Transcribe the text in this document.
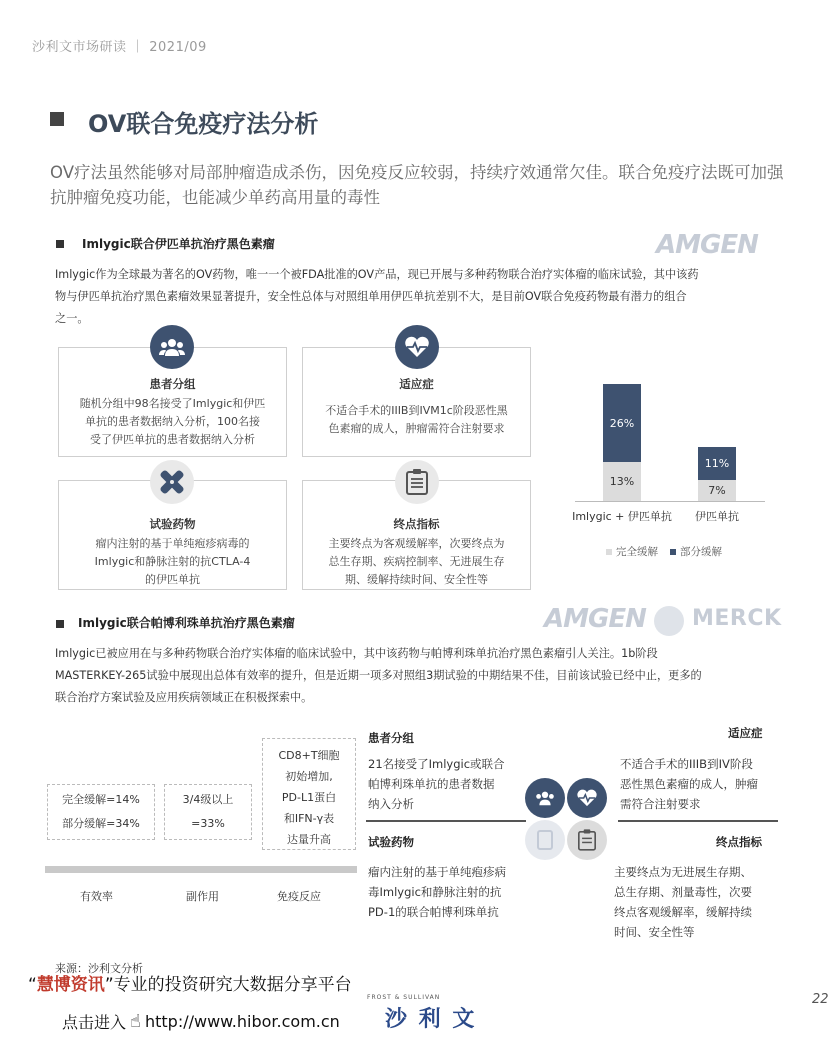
沙利文市场研读 ｜ 2021/09
OV联合免疫疗法分析
OV疗法虽然能够对局部肿瘤造成杀伤，因免疫反应较弱，持续疗效通常欠佳。联合免疫疗法既可加强抗肿瘤免疫功能，也能减少单药高用量的毒性
Imlygic联合伊匹单抗治疗黑色素瘤	AMGEN
Imlygic作为全球最为著名的OV药物，唯一一个被FDA批准的OV产品，现已开展与多种药物联合治疗实体瘤的临床试验，其中该药
物与伊匹单抗治疗黑色素瘤效果显著提升，安全性总体与对照组单用伊匹单抗差别不大，是目前OV联合免疫药物最有潜力的组合
之一。
患者分组
随机分组中98名接受了Imlygic和伊匹
单抗的患者数据纳入分析，100名接
受了伊匹单抗的患者数据纳入分析
适应症
不适合手术的IIIB到IVM1c阶段恶性黑
色素瘤的成人，肿瘤需符合注射要求
试验药物
瘤内注射的基于单纯疱疹病毒的
Imlygic和静脉注射的抗CTLA-4
的伊匹单抗
终点指标
主要终点为客观缓解率，次要终点为
总生存期、疾病控制率、无进展生存
期、缓解持续时间、安全性等
13%
26%
Imlygic + 伊匹单抗
7%
11%
伊匹单抗
完全缓解 部分缓解
Imlygic联合帕博利珠单抗治疗黑色素瘤	AMGEN MERCK
Imlygic已被应用在与多种药物联合治疗实体瘤的临床试验中，其中该药物与帕博利珠单抗治疗黑色素瘤引人关注。1b阶段
MASTERKEY-265试验中展现出总体有效率的提升，但是近期一项多对照组3期试验的中期结果不佳，目前该试验已经中止，更多的
联合治疗方案试验及应用疾病领域正在积极探索中。
完全缓解=14%
部分缓解=34%
3/4级以上
=33%
CD8+T细胞
初始增加,
PD-L1蛋白
和IFN-γ表
达量升高
有效率	副作用	免疫反应
患者分组
21名接受了Imlygic或联合
帕博利珠单抗的患者数据
纳入分析
试验药物
瘤内注射的基于单纯疱疹病
毒Imlygic和静脉注射的抗
PD-1的联合帕博利珠单抗
适应症
不适合手术的IIIB到IV阶段
恶性黑色素瘤的成人，肿瘤
需符合注射要求
终点指标
主要终点为无进展生存期、
总生存期、剂量毒性，次要
终点客观缓解率，缓解持续
时间、安全性等
来源：沙利文分析
“慧博资讯”专业的投资研究大数据分享平台
点击进入 ☝ http://www.hibor.com.cn
FROST & SULLIVAN
沙 利 文
22
